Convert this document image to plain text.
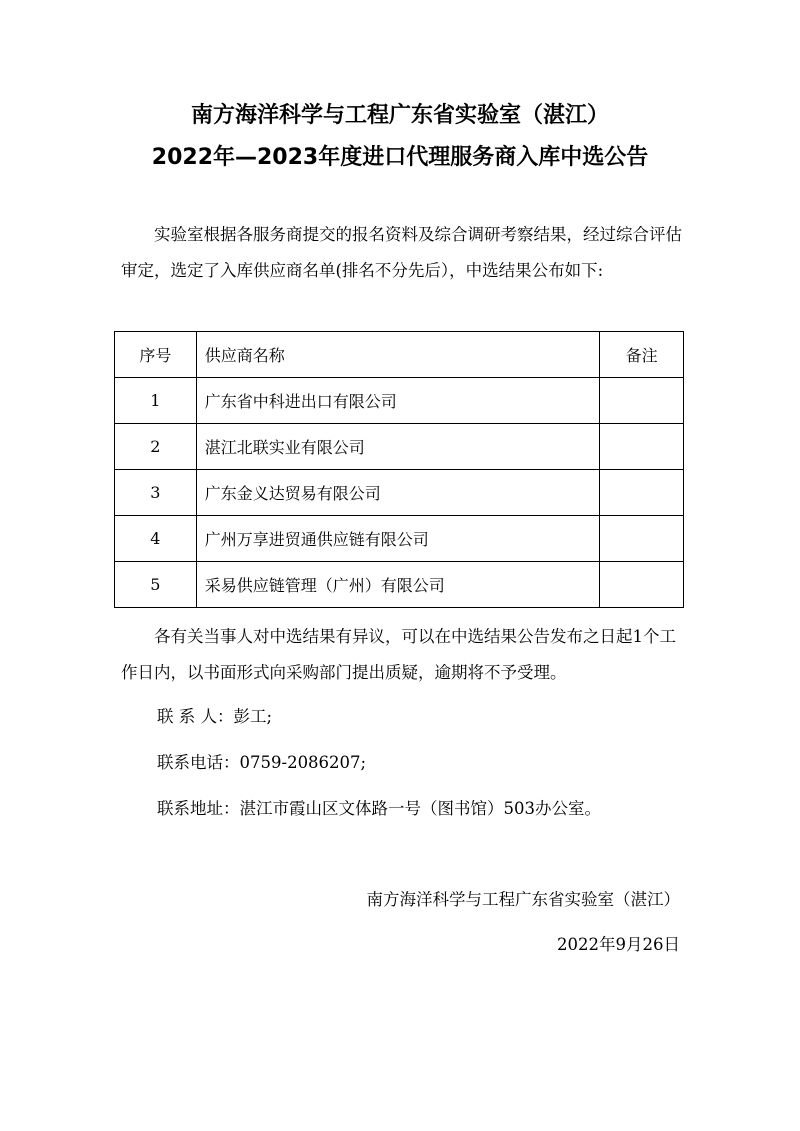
南方海洋科学与工程广东省实验室（湛江）
2022年—2023年度进口代理服务商入库中选公告

实验室根据各服务商提交的报名资料及综合调研考察结果，经过综合评估审定，选定了入库供应商名单(排名不分先后），中选结果公布如下:

序号	供应商名称	备注
1	广东省中科进出口有限公司	
2	湛江北联实业有限公司	
3	广东金义达贸易有限公司	
4	广州万享进贸通供应链有限公司	
5	采易供应链管理（广州）有限公司	

各有关当事人对中选结果有异议，可以在中选结果公告发布之日起1个工作日内，以书面形式向采购部门提出质疑，逾期将不予受理。

联 系 人：彭工;
联系电话：0759-2086207;
联系地址：湛江市霞山区文体路一号（图书馆）503办公室。
南方海洋科学与工程广东省实验室（湛江）
2022年9月26日
